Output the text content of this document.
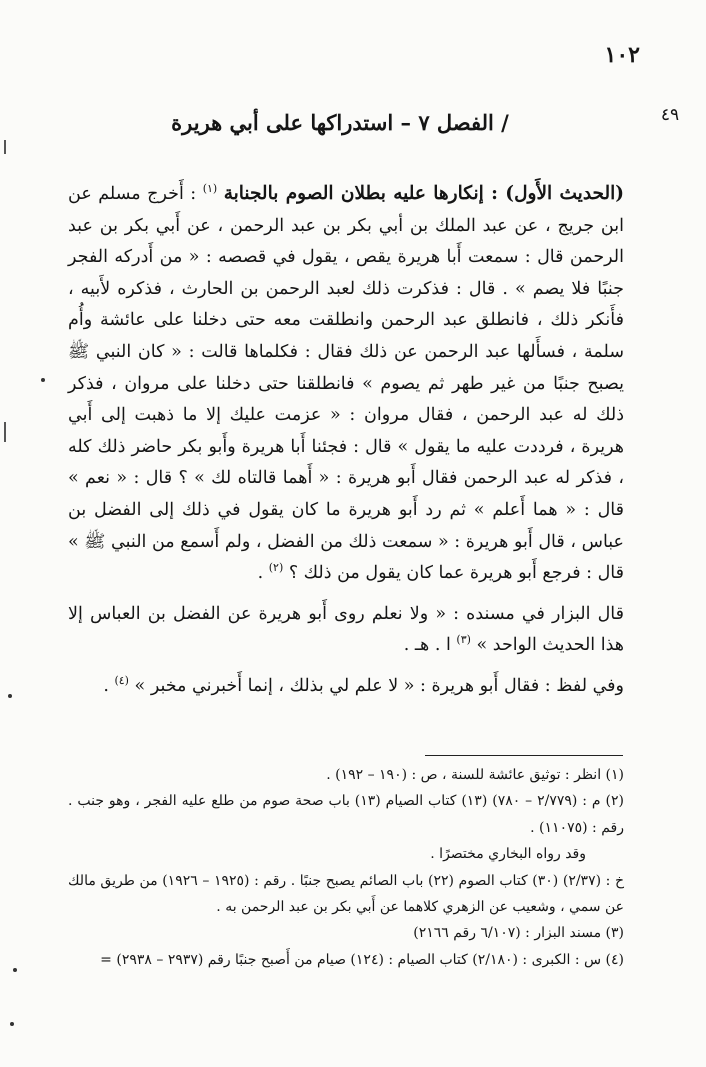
١٠٢
٤٩
/ الفصل ٧ – استدراكها على أبي هريرة

(الحديث الأَول) : إنكارها عليه بطلان الصوم بالجنابة $^{(١)}$ : أَخرج مسلم عن ابن جريج ، عن عبد الملك بن أبي بكر بن عبد الرحمن ، عن أَبي بكر بن عبد الرحمن قال : سمعت أَبا هريرة يقص ، يقول في قصصه : « من أَدركه الفجر جنبًا فلا يصم » . قال : فذكرت ذلك لعبد الرحمن بن الحارث ، فذكره لأَبيه ، فأَنكر ذلك ، فانطلق عبد الرحمن وانطلقت معه حتى دخلنا على عائشة وأُم سلمة ، فسأَلها عبد الرحمن عن ذلك فقال : فكلماها قالت : « كان النبي ﷺ يصبح جنبًا من غير طهر ثم يصوم » فانطلقنا حتى دخلنا على مروان ، فذكر ذلك له عبد الرحمن ، فقال مروان : « عزمت عليك إلا ما ذهبت إلى أَبي هريرة ، فرددت عليه ما يقول » قال : فجئنا أَبا هريرة وأَبو بكر حاضر ذلك كله ، فذكر له عبد الرحمن فقال أَبو هريرة : « أَهما قالتاه لك » ؟ قال : « نعم » قال : « هما أَعلم » ثم رد أَبو هريرة ما كان يقول في ذلك إلى الفضل بن عباس ، قال أَبو هريرة : « سمعت ذلك من الفضل ، ولم أَسمع من النبي ﷺ » قال : فرجع أَبو هريرة عما كان يقول من ذلك ؟ $^{(٢)}$ .

قال البزار في مسنده : « ولا نعلم روى أَبو هريرة عن الفضل بن العباس إلا هذا الحديث الواحد » $^{(٣)}$ ا . هـ .

وفي لفظ : فقال أَبو هريرة : « لا علم لي بذلك ، إنما أَخبرني مخبر » $^{(٤)}$ .

(١) انظر : توثيق عائشة للسنة ، ص : (١٩٠ – ١٩٢) .

(٢) م : (٢/٧٧٩ – ٧٨٠) (١٣) كتاب الصيام (١٣) باب صحة صوم من طلع عليه الفجر ، وهو جنب . رقم : (١١٠٧٥) .

وقد رواه البخاري مختصرًا .

خ : (٢/٣٧) (٣٠) كتاب الصوم (٢٢) باب الصائم يصبح جنبًا . رقم : (١٩٢٥ – ١٩٢٦) من طريق مالك عن سمي ، وشعيب عن الزهري كلاهما عن أَبي بكر بن عبد الرحمن به .

(٣) مسند البزار : (٦/١٠٧ رقم ٢١٦٦)

(٤) س : الكبرى : (٢/١٨٠) كتاب الصيام : (١٢٤) صيام من أَصبح جنبًا رقم (٢٩٣٧ – ٢٩٣٨) =
